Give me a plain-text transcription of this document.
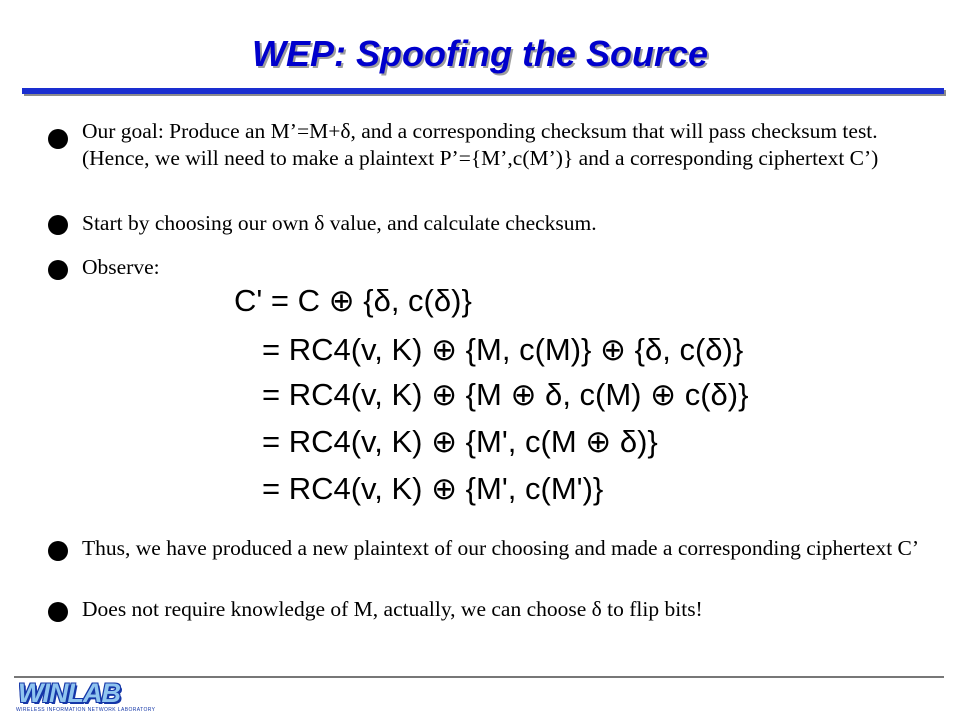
WEP: Spoofing the Source

Our goal: Produce an M’=M+δ, and a corresponding checksum that will pass checksum test. (Hence, we will need to make a plaintext P’={M’,c(M’)} and a corresponding ciphertext C’)

Start by choosing our own δ value, and calculate checksum.

Observe:

C' = C ⊕ {δ, c(δ)}
= RC4(v, K) ⊕ {M, c(M)} ⊕ {δ, c(δ)}
= RC4(v, K) ⊕ {M ⊕ δ, c(M) ⊕ c(δ)}
= RC4(v, K) ⊕ {M', c(M ⊕ δ)}
= RC4(v, K) ⊕ {M', c(M')}

Thus, we have produced a new plaintext of our choosing and made a corresponding ciphertext C’

Does not require knowledge of M, actually, we can choose δ to flip bits!

WINLAB
WIRELESS INFORMATION NETWORK LABORATORY
